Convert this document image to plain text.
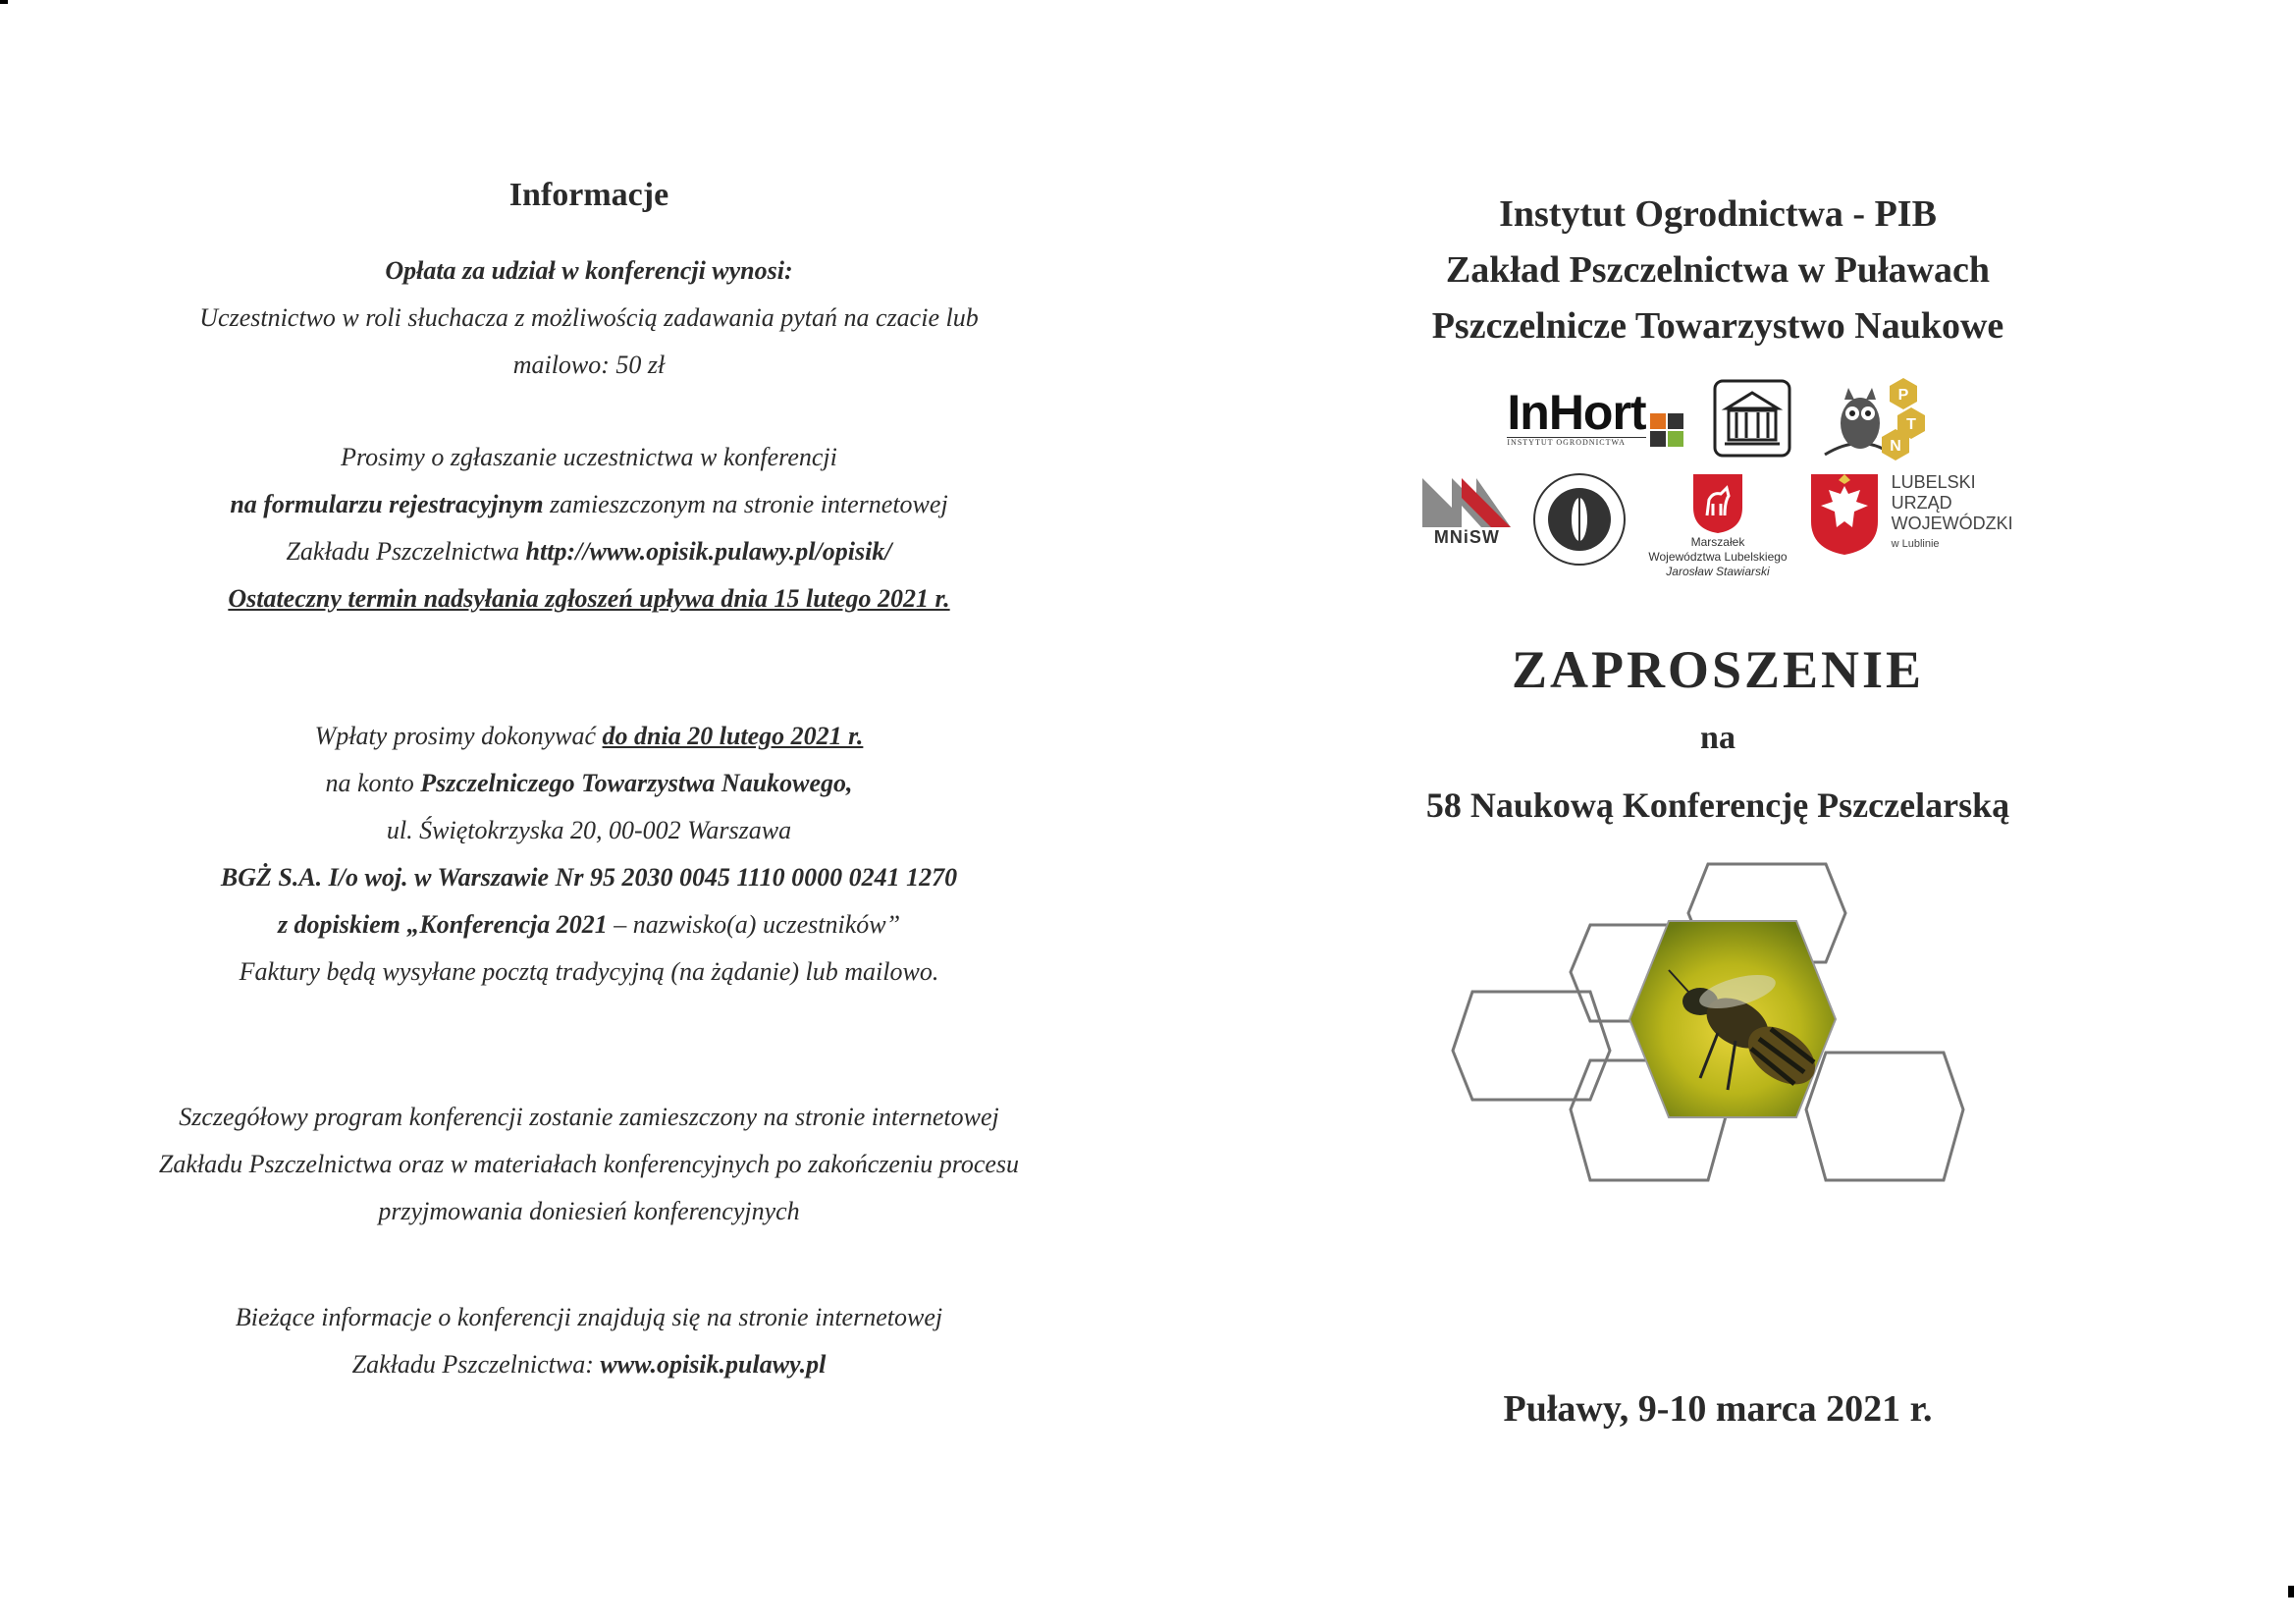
Informacje

Opłata za udział w konferencji wynosi:

Uczestnictwo w roli słuchacza z możliwością zadawania pytań na czacie lub

mailowo: 50 zł

Prosimy o zgłaszanie uczestnictwa w konferencji

na formularzu rejestracyjnym zamieszczonym na stronie internetowej

Zakładu Pszczelnictwa http://www.opisik.pulawy.pl/opisik/

Ostateczny termin nadsyłania zgłoszeń upływa dnia 15 lutego 2021 r.

Wpłaty prosimy dokonywać do dnia 20 lutego 2021 r.

na konto Pszczelniczego Towarzystwa Naukowego,

ul. Świętokrzyska 20, 00-002 Warszawa

BGŻ S.A. I/o woj. w Warszawie Nr 95 2030 0045 1110 0000 0241 1270

z dopiskiem „Konferencja 2021 – nazwisko(a) uczestników”

Faktury będą wysyłane pocztą tradycyjną (na żądanie) lub mailowo.

Szczegółowy program konferencji zostanie zamieszczony na stronie internetowej

Zakładu Pszczelnictwa oraz w materiałach konferencyjnych po zakończeniu procesu

przyjmowania doniesień konferencyjnych

Bieżące informacje o konferencji znajdują się na stronie internetowej

Zakładu Pszczelnictwa: www.opisik.pulawy.pl

Instytut Ogrodnictwa - PIB

Zakład Pszczelnictwa w Puławach

Pszczelnicze Towarzystwo Naukowe

InHort
INSTYTUT OGRODNICTWA
P
T
N
MNiSW	Marszałek
Województwa Lubelskiego
Jarosław Stawiarski
LUBELSKI
URZĄD
WOJEWÓDZKI
w Lublinie

ZAPROSZENIE

na

58 Naukową Konferencję Pszczelarską

Puławy, 9-10 marca 2021 r.
